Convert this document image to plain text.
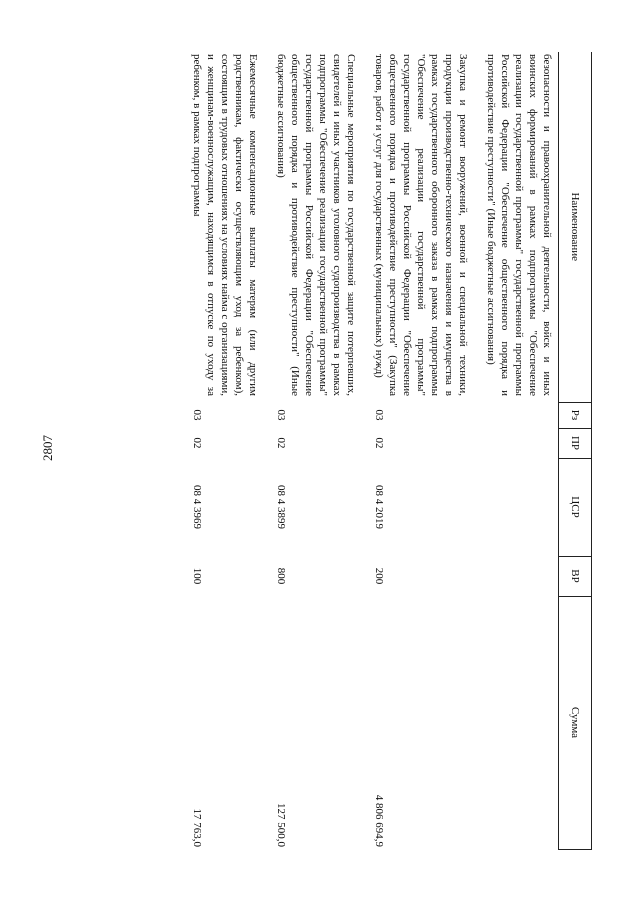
2807
Наименование	Рз	ПР	ЦСР	ВР	Сумма
безопасности и правоохранительной деятельности, войск и иных воинских формирований в рамках подпрограммы "Обеспечение реализации государственной программы" государственной программы Российской Федерации "Обеспечение общественного порядка и противодействие преступности" (Иные бюджетные ассигнования)					
Закупка и ремонт вооружений, военной и специальной техники, продукции производственно-технического назначения и имущества в рамках государственного оборонного заказа в рамках подпрограммы "Обеспечение реализации государственной программы" государственной программы Российской Федерации "Обеспечение общественного порядка и противодействие преступности" (Закупка товаров, работ и услуг для государственных (муниципальных) нужд)	03	02	08 4 2019	200	4 806 694,9
Специальные мероприятия по государственной защите потерпевших, свидетелей и иных участников уголовного судопроизводства в рамках подпрограммы "Обеспечение реализации государственной программы" государственной программы Российской Федерации "Обеспечение общественного порядка и противодействие преступности" (Иные бюджетные ассигнования)	03	02	08 4 3899	800	127 500,0
Ежемесячные компенсационные выплаты матерям (или другим родственникам, фактически осуществляющим уход за ребенком), состоящим в трудовых отношениях на условиях найма с организациями, и женщинам-военнослужащим, находящимся в отпуске по уходу за ребенком, в рамках подпрограммы	03	02	08 4 3969	100	17 763,0
